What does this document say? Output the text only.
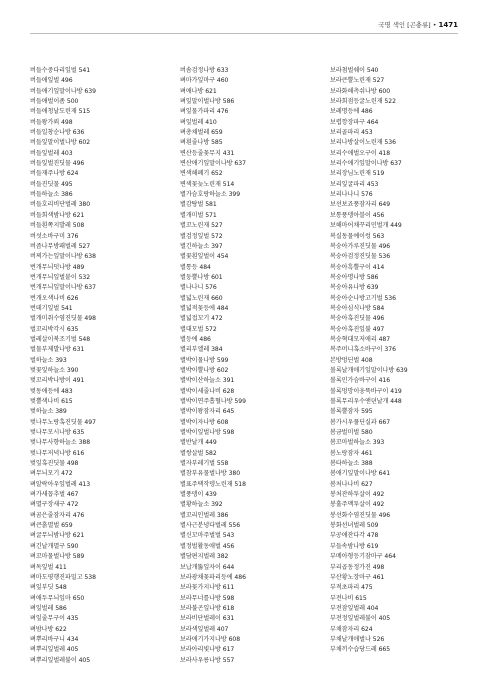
국명 색인 [곤충류] • 1471
버들수중다리잎벌 541
버들애잎벌 496
버들애기잎말이나방 639
버들애벌이좀 500
버들애청날도린재 515
버들왕가뢰 498
버들일창순나방 636
버들잎말이벌나방 602
버들잎벌레 403
버들잎벌진딧물 496
버들재주나방 624
버들진딧물 495
버들하늘소 386
버들호리비단벌레 380
버들회색밤나방 621
버들흰쪽지발레 508
버섯소바구미 376
버즘나무방패벌레 527
버찌가는잎말이나방 638
번개무늬덧나방 489
번개무늬잎벌붙이 532
번개무늬잎말이나방 637
번개오색나비 626
번데기잎벌 541
벌개미취수염진딧물 498
벌꼬리박각시 635
벌레살이북조기벌 548
벌물부제발나방 631
벌하늘소 393
벚꽃잎하늘소 390
벚꼬리박나방이 491
벚동애등에 483
벚뿔색나비 615
벚하늘소 389
벚나무노랑혹진딧물 497
벚나무모시나방 635
벚나무사향하늘소 388
벚나무저녁나방 616
벚잎혹진딧물 498
벼무늬모기 472
벼알락아우잎벌레 413
벼가새꼽추벌 467
벼멸구장새구 472
벼곰은줄잠자리 476
벼큰흙멸벌 659
벼굴무늬밤나방 621
벼긴날개멸구 590
벼꼬마물벌나방 589
벼독잎벌 411
벼마도평행진파밀고 538
벼잎부딧 548
벼애두무늬잎마 650
벼잎벌레 586
벼잎줄무구이 435
벼밤나방 622
벼뿌리바구니 434
벼뿌리잎벌레 405
벼뿌리잎벌레불이 405
버솜검정나방 633
벼마가잎마구 460
벼애나방 621
벼잎말이벌나방 586
벼잎물가파리 476
벼잎벌레 410
벼총채벌레 659
벼흰줄나방 585
변산등줄꽃무지 431
변산애기잎말이나방 637
변색해폐기 652
변색꽃늦노린재 514
별가슴호랑하늘소 399
별감탕벌 581
별개미벌 571
별꼬노린재 527
별검정잎벌 572
별긴하늘소 397
별꽃흰잎벌이 454
별통등 484
별둥뿔나방 601
별나나니 576
별넓노린재 660
별넓적꽃등에 484
별넓접꼬기 472
별대모벌 572
별등에 486
별리부엘레 384
별박이물나방 599
별박이뿔나방 602
별박이산하늘소 391
별박이세줄나비 628
별박이연주흡혈나방 599
별박이왕잠자리 645
별박이자나방 608
별박이잎벌나방 598
별반날개 449
별쌍살벌 582
별자부레기벌 558
별참부유물벌나방 380
별표주택작뎅노린재 518
별풍뎅이 439
별황하늘소 392
별꼬리인벌레 386
별사근분녕다벌레 556
별신꼬마주벌벌 543
별정벌활동애벌 456
별담편지벌레 382
보납개뚫잎자이 644
보라광채꽃파리등에 486
보라꽃가지나방 611
보라무너를나방 598
보라불곤잎나방 618
보라비단벌레이 631
보라색잎벌레 407
보라애기가지나방 608
보라아리빛나방 617
보라사우릉나방 557
보라첨벌쉐이 540
보라큰뿔노린재 527
보라화해측쉬나방 600
보라회점등굴노린재 522
보레명등에 486
보렵깡장파구 464
보리골파리 453
보리나방살이노린재 536
보리수애벌오구이 418
보리수애기잎말이나방 637
보리장님노린재 519
보리잎굴파리 453
보리나나니 576
보선보죠풍잠자리 649
보통풍뎅아블이 456
보해마어채꾸리민벌개 449
복실동물예이렁 563
복숭아가루진딧물 496
복숭아검정진딧물 536
복숭아흑뿔구이 414
복숭아명나방 586
복숭아유나방 639
복숭아순나방고기벌 536
복숭아심식나방 584
복숭아혹진딧물 496
복숭아혹진잎불 497
복숭혁대모저애리 487
복주머니혹소바구이 376
본방멍딘벌 408
볼록날개애기잎말이나방 639
볼록민가슴바구이 416
볼록멍망이웅뚝바구이 419
볼록무리우수앤뎐날개 448
볼록뿔잠자 595
봄가시우풀딘실과 667
봄금벌미벌 580
봄꼬마벌하늘소 393
봄노랑잠자 461
봄타하늘소 388
봄애기잎말이나방 641
봄처나나비 627
봉처잔하투살이 492
봉훌주맥투살이 492
봉선화수염진딧물 496
봉화선녀벌레 509
부공애잔다각 478
부들속밤나방 619
부메아형등기잠마구 464
부리곱동정가진 498
부산황노장마구 461
부적초파리 475
부전나비 615
부전잠잎벌레 404
부전정잎벌레불이 405
부채잠자리 624
부채날개애벌나 526
부채끼수습당드레 665
